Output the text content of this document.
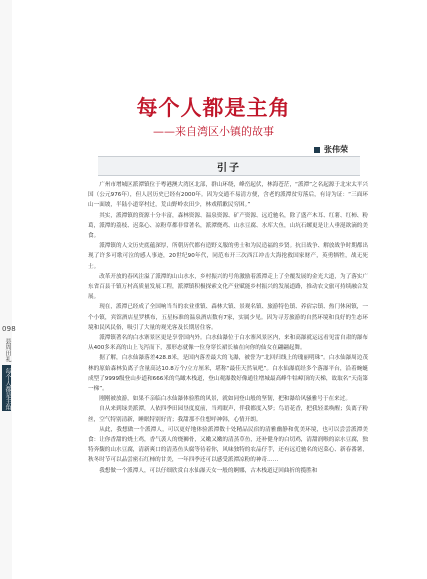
098
县周田礼
每个人都是主角
每个人都是主角
——来自湾区小镇的故事
张伟荣
引子

广州市增城区派潭镇位于粤港澳大湾区北部，群山环绕，峰峦起伏，林海苍茫，“派潭”之名起源于北宋太平兴国（公元976年），但人居历史已经有2000年。因为交通不易清方便，含老的派潭贫穷落后，有诗为证：“三面环山一面坡，半陆小道穿村过，荒山野岭农田少，林戏稻歉民穷困。”

其实，派潭镇的资源十分丰富，森林资源、温泉资源、矿产资源、远近驰名，除了盛产木耳、红薯、红柿、粉葛，派潭的荔枝、迟菜心、凉粉草都非常著名，派潭烧鸡、山水豆腐、水库大鱼，山坑石螺更是让人垂涎欲滴的美食。

派潭镇的人文历史底蕴深厚，所朝历代都有造野义服的勇士和为民造福的乡贤。抗日战争、解放战争时期都出现了许多可歌可泣的感人事迹，20世纪90年代，同范布开三次西江冲击大海抢救国家财产，英勇牺牲，战无死士。

改革开放的春风注溢了派潭的山山水水，乡村振兴的号角激励着派潭走上了全覆发展的金光大道，为了落实广东省百县千镇万村高质量发展工程，派潭镇积极探索文化产业赋能乡村振兴的发展道路，推动农文旅可持续融合发展。

现在，派潭已经成了全国响当当的农业重镇、森林大镇、景观名镇、旅游特色镇、养宿宗镇、热门休闲镇，一个小镇，宾馆酒店星罗棋布，五星标准的温泉酒店数有7家，实属少见。因为寻芳旅游的自然环境和良好的生态环境和民风民俗，吸引了大量的观光客及长期居住客。

派潭镇著名的白水寨景区更是享誉国内外。白水仙瀑位于白水寨风景区内，来和高瀑就运远看见雷自肃的瀑布从400多米高的山上飞泻而下，那形态就像一位身穿长裙长袖在向你的仙女在翩翩起舞。

据了解，白水仙瀑落差428.8米，是国内落差最大的飞瀑，被誉为“北回归线上的瑰丽明珠”。白水仙瀑周边茂林的原始森林负离子含量高达10.8万个/立方厘米，堪称“最佳天然氧吧”。白水仙瀑底经多个落瀑平台，沿着蜿蜒成型了9999级登山步道和666米的鸟瞰木栈道，登山观瀑数好像通往增城最高峰牛牯嶂顶的天梯，故取名“天南第一梯”。

刚刚被放游，如果不亲临白水仙瀑体验胜的风景，就如同登山般的坚韧，把和瀑给风骚雅号于在来过。

自从来到绿美派潭，人依四季田园垦度度前，当鸡眠声，伴我都度入梦；鸟语花香，把我轻柔唤醒；负离子粉丝，空气特别清新，睡眠特别好宵；我甜那不住想呼神韩，心情开朗。

从此，我想做一个派潭人，可以更好地体验派潭数十处精品民宿的清雅幽静和优美环境，也可以尝尝派潭美食：让你香甜的烧土鸡，香气袭人的烧狮骨，又嫩又嫩的清蒸草鱼，还补健身的白切鸡，清甜润喉的凉水豆腐，独特奔馥的山水豆腐，清新爽口的清蒸鱼头腐等待着你，风味独特的农品仔芋，还有远近驰名的迟菜心、新春番薯，秋冬时节可以品尝密石红柿的甘美，一年四季还可以感受派潭凉粉的神奇……

我想做一个派潭人，可以仔细欣赏白水仙瀑天女一般的婀娜，古木栈道迂回曲折的揽胜和
